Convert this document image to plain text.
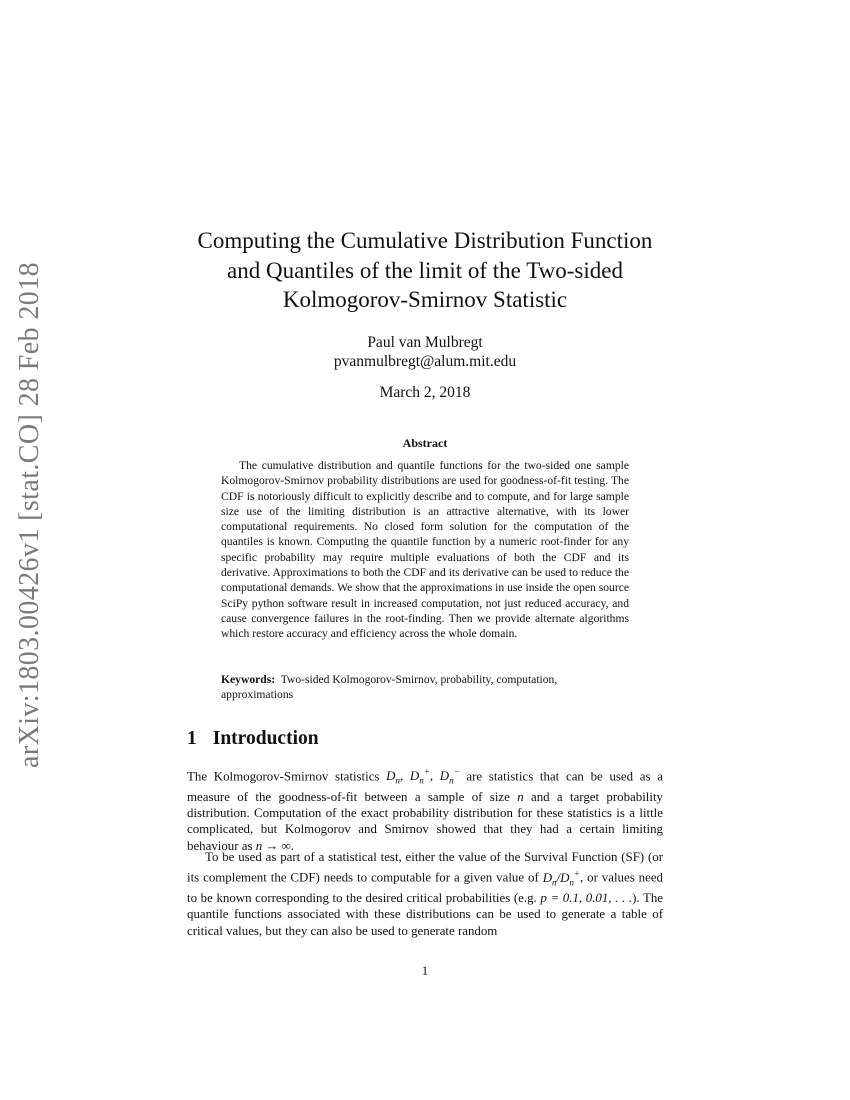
arXiv:1803.00426v1 [stat.CO] 28 Feb 2018
Computing the Cumulative Distribution Function
and Quantiles of the limit of the Two-sided
Kolmogorov-Smirnov Statistic
Paul van Mulbregt
pvanmulbregt@alum.mit.edu
March 2, 2018
Abstract

The cumulative distribution and quantile functions for the two-sided one sample Kolmogorov-Smirnov probability distributions are used for goodness-of-fit testing. The CDF is notoriously difficult to explicitly describe and to compute, and for large sample size use of the limiting distribution is an attractive alternative, with its lower computational requirements. No closed form solution for the computation of the quantiles is known. Computing the quantile function by a numeric root-finder for any specific probability may require multiple evaluations of both the CDF and its derivative. Approximations to both the CDF and its derivative can be used to reduce the computational demands. We show that the approximations in use inside the open source SciPy python software result in increased computation, not just reduced accuracy, and cause convergence failures in the root-finding. Then we provide alternate algorithms which restore accuracy and efficiency across the whole domain.

Keywords: Two-sided Kolmogorov-Smirnov, probability, computation, approximations

1 Introduction

The Kolmogorov-Smirnov statistics $D_n$, $D_n^+$, $D_n^-$ are statistics that can be used as a measure of the goodness-of-fit between a sample of size n and a target probability distribution. Computation of the exact probability distribution for these statistics is a little complicated, but Kolmogorov and Smirnov showed that they had a certain limiting behaviour as n → ∞.

To be used as part of a statistical test, either the value of the Survival Function (SF) (or its complement the CDF) needs to computable for a given value of $D_n/D_n^+$, or values need to be known corresponding to the desired critical probabilities (e.g. p = 0.1, 0.01, . . .). The quantile functions associated with these distributions can be used to generate a table of critical values, but they can also be used to generate random

1
